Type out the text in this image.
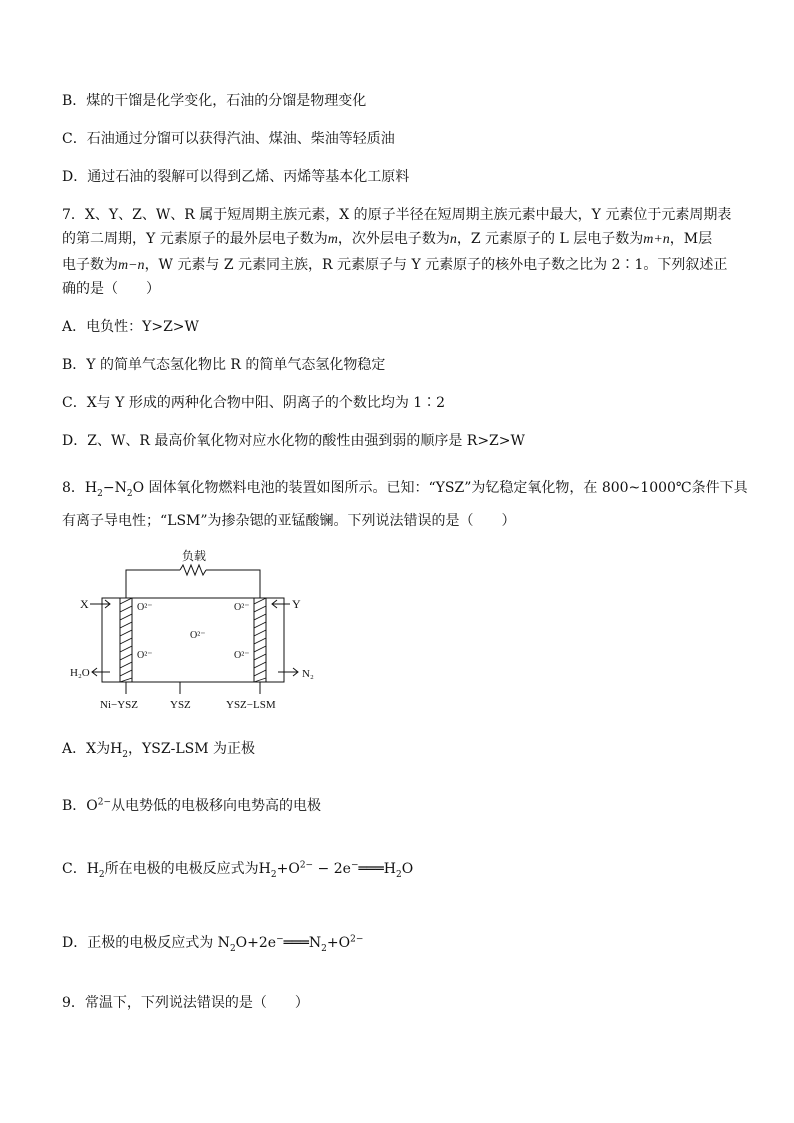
B．煤的干馏是化学变化，石油的分馏是物理变化
C．石油通过分馏可以获得汽油、煤油、柴油等轻质油
D．通过石油的裂解可以得到乙烯、丙烯等基本化工原料
7．X、Y、Z、W、R 属于短周期主族元素，X 的原子半径在短周期主族元素中最大，Y 元素位于元素周期表
的第二周期，Y 元素原子的最外层电子数为m，次外层电子数为n，Z 元素原子的 L 层电子数为m+n，M层
电子数为m−n，W 元素与 Z 元素同主族，R 元素原子与 Y 元素原子的核外电子数之比为 2∶1。下列叙述正
确的是（　　）
A．电负性：Y>Z>W
B．Y 的简单气态氢化物比 R 的简单气态氢化物稳定
C．X与 Y 形成的两种化合物中阳、阴离子的个数比均为 1∶2
D．Z、W、R 最高价氧化物对应水化物的酸性由强到弱的顺序是 R>Z>W
8．$H_2-N_2O$ 固体氧化物燃料电池的装置如图所示。已知：“YSZ”为钇稳定氧化物，在 800~1000℃条件下具
有离子导电性；“LSM”为掺杂锶的亚锰酸镧。下列说法错误的是（　　）
负载
O²⁻	O²⁻
O²⁻
O²⁻	O²⁻
X	Y
H₂O	N₂
Ni−YSZ	YSZ	YSZ−LSM
A．X为$H_2$，YSZ-LSM 为正极
B．$O^{2-}$从电势低的电极移向电势高的电极
C．$H_2$所在电极的电极反应式为$H_2+O^{2-}$ − $2e^-═══H_2O$
D．正极的电极反应式为 $N_2O+2e^-═══N_2+O^{2-}$
9．常温下，下列说法错误的是（　　）
